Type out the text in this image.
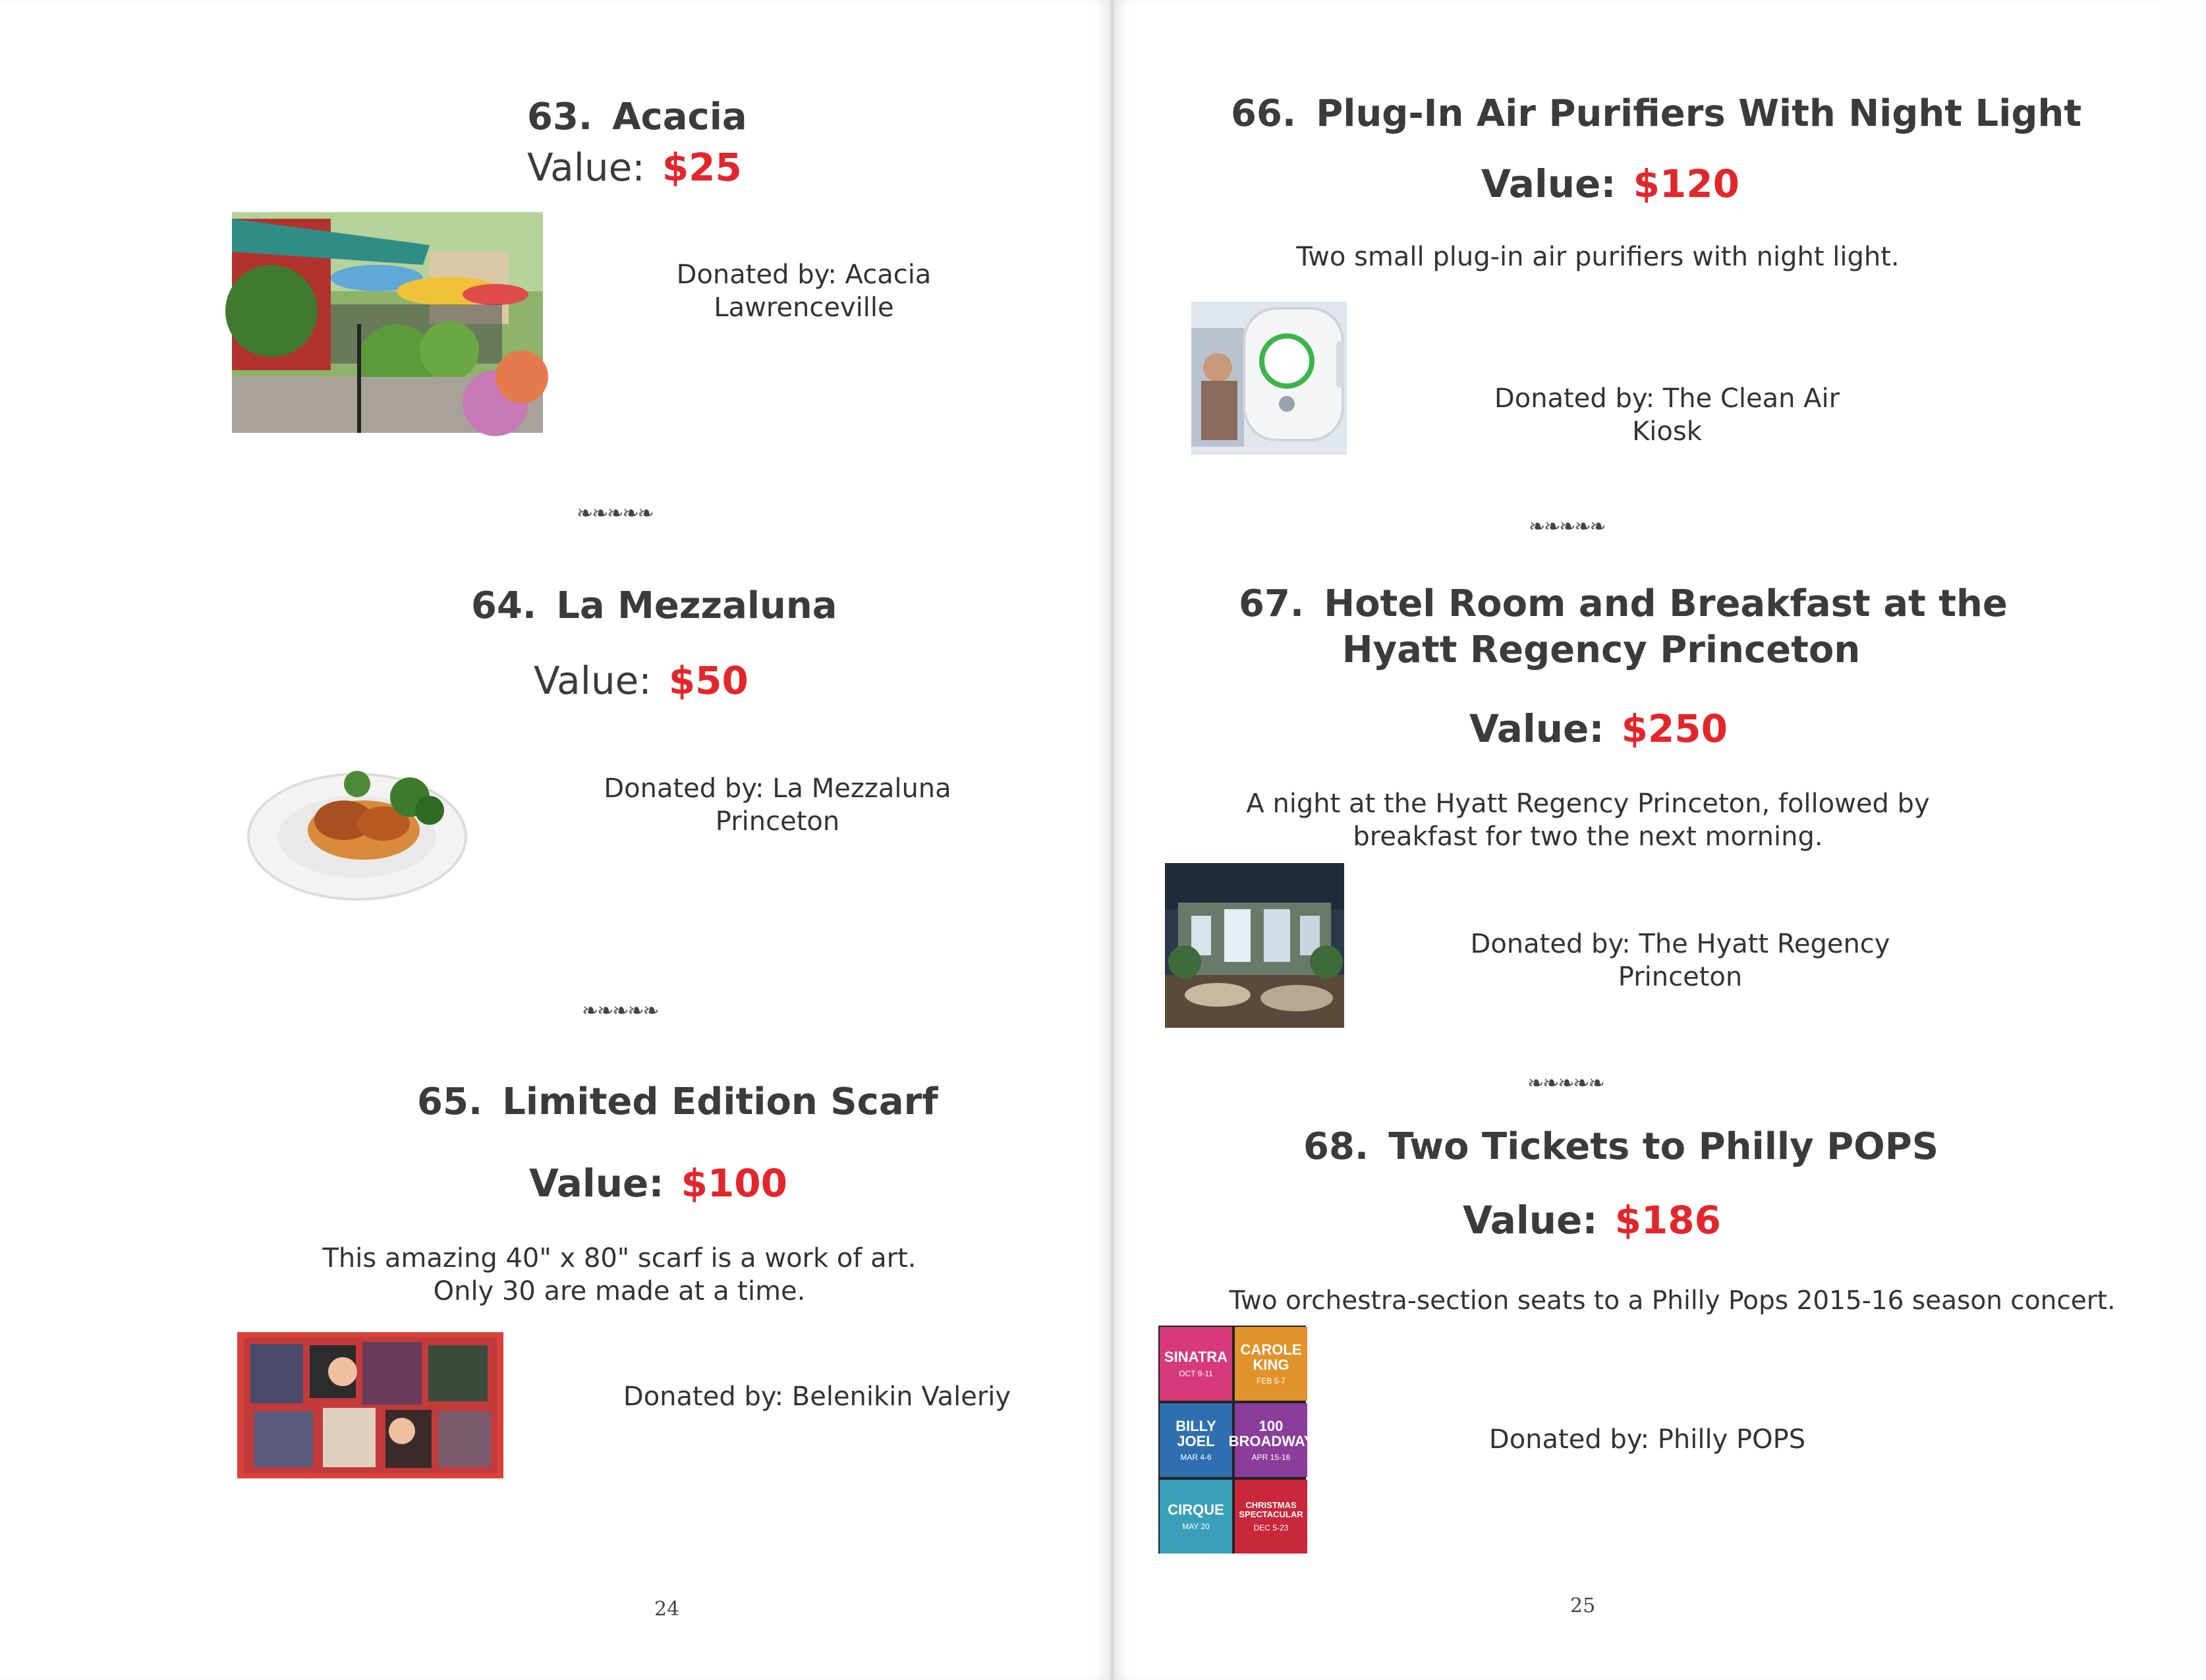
63. Acacia
Value: $25
Donated by: Acacia
Lawrenceville
❧❧❧❧❧
64. La Mezzaluna
Value: $50
Donated by: La Mezzaluna
Princeton
❧❧❧❧❧
65. Limited Edition Scarf
Value: $100
This amazing 40" x 80" scarf is a work of art.
Only 30 are made at a time.
Donated by: Belenikin Valeriy
24
66. Plug-In Air Purifiers With Night Light
Value: $120
Two small plug-in air purifiers with night light.
Donated by: The Clean Air Kiosk
❧❧❧❧❧
67. Hotel Room and Breakfast at the
Hyatt Regency Princeton
Value: $250
A night at the Hyatt Regency Princeton, followed by
breakfast for two the next morning.
Donated by: The Hyatt Regency Princeton
❧❧❧❧❧
68. Two Tickets to Philly POPS
Value: $186
Two orchestra-section seats to a Philly Pops 2015-16 season concert.
SINATRA
OCT 9-11
CAROLE KING
FEB 5-7
BILLY JOEL
MAR 4-6
100 BROADWAY
APR 15-16
CIRQUE
MAY 20
CHRISTMAS SPECTACULAR
DEC 5-23
Donated by: Philly POPS
25
